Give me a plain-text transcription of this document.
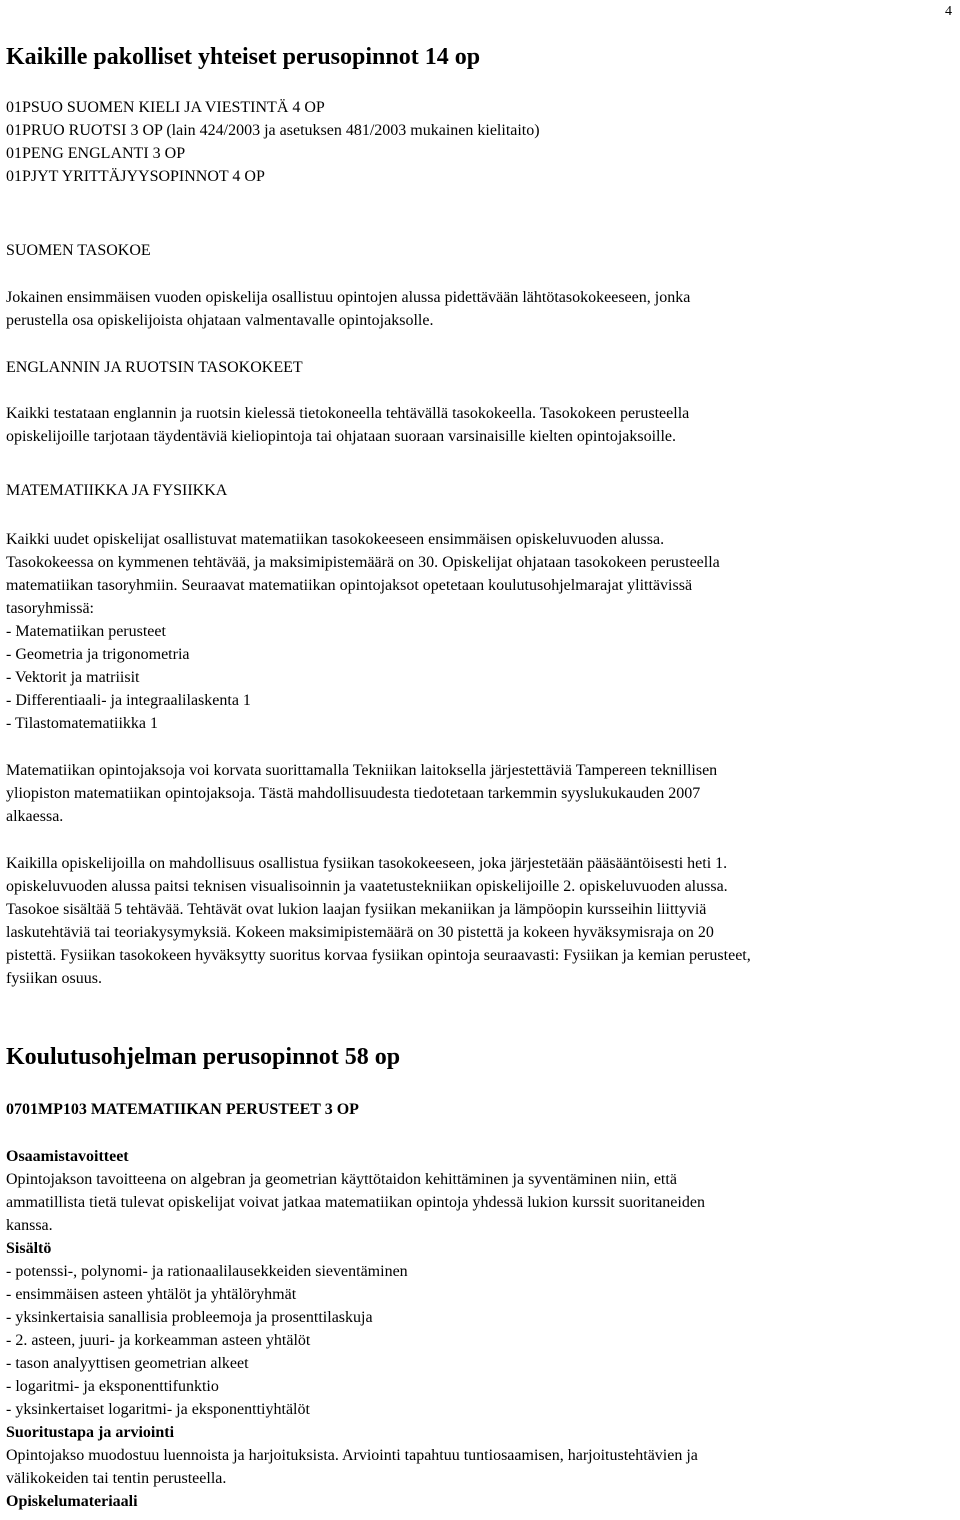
4
Kaikille pakolliset yhteiset perusopinnot 14 op
01PSUO SUOMEN KIELI JA VIESTINTÄ 4 OP
01PRUO RUOTSI 3 OP (lain 424/2003 ja asetuksen 481/2003 mukainen kielitaito)
01PENG ENGLANTI 3 OP
01PJYT YRITTÄJYYSOPINNOT 4 OP
SUOMEN TASOKOE
Jokainen ensimmäisen vuoden opiskelija osallistuu opintojen alussa pidettävään lähtötasokokeeseen, jonka
perustella osa opiskelijoista ohjataan valmentavalle opintojaksolle.
ENGLANNIN JA RUOTSIN TASOKOKEET
Kaikki testataan englannin ja ruotsin kielessä tietokoneella tehtävällä tasokokeella. Tasokokeen perusteella
opiskelijoille tarjotaan täydentäviä kieliopintoja tai ohjataan suoraan varsinaisille kielten opintojaksoille.
MATEMATIIKKA JA FYSIIKKA
Kaikki uudet opiskelijat osallistuvat matematiikan tasokokeeseen ensimmäisen opiskeluvuoden alussa.
Tasokokeessa on kymmenen tehtävää, ja maksimipistemäärä on 30. Opiskelijat ohjataan tasokokeen perusteella
matematiikan tasoryhmiin. Seuraavat matematiikan opintojaksot opetetaan koulutusohjelmarajat ylittävissä
tasoryhmissä:
- Matematiikan perusteet
- Geometria ja trigonometria
- Vektorit ja matriisit
- Differentiaali- ja integraalilaskenta 1
- Tilastomatematiikka 1
Matematiikan opintojaksoja voi korvata suorittamalla Tekniikan laitoksella järjestettäviä Tampereen teknillisen
yliopiston matematiikan opintojaksoja. Tästä mahdollisuudesta tiedotetaan tarkemmin syyslukukauden 2007
alkaessa.
Kaikilla opiskelijoilla on mahdollisuus osallistua fysiikan tasokokeeseen, joka järjestetään pääsääntöisesti heti 1.
opiskeluvuoden alussa paitsi teknisen visualisoinnin ja vaatetustekniikan opiskelijoille 2. opiskeluvuoden alussa.
Tasokoe sisältää 5 tehtävää. Tehtävät ovat lukion laajan fysiikan mekaniikan ja lämpöopin kursseihin liittyviä
laskutehtäviä tai teoriakysymyksiä. Kokeen maksimipistemäärä on 30 pistettä ja kokeen hyväksymisraja on 20
pistettä. Fysiikan tasokokeen hyväksytty suoritus korvaa fysiikan opintoja seuraavasti: Fysiikan ja kemian perusteet,
fysiikan osuus.
Koulutusohjelman perusopinnot 58 op
0701MP103 MATEMATIIKAN PERUSTEET 3 OP
Osaamistavoitteet
Opintojakson tavoitteena on algebran ja geometrian käyttötaidon kehittäminen ja syventäminen niin, että
ammatillista tietä tulevat opiskelijat voivat jatkaa matematiikan opintoja yhdessä lukion kurssit suoritaneiden
kanssa.
Sisältö
- potenssi-, polynomi- ja rationaalilausekkeiden sieventäminen
- ensimmäisen asteen yhtälöt ja yhtälöryhmät
- yksinkertaisia sanallisia probleemoja ja prosenttilaskuja
- 2. asteen, juuri- ja korkeamman asteen yhtälöt
- tason analyyttisen geometrian alkeet
- logaritmi- ja eksponenttifunktio
- yksinkertaiset logaritmi- ja eksponenttiyhtälöt
Suoritustapa ja arviointi
Opintojakso muodostuu luennoista ja harjoituksista. Arviointi tapahtuu tuntiosaamisen, harjoitustehtävien ja
välikokeiden tai tentin perusteella.
Opiskelumateriaali
